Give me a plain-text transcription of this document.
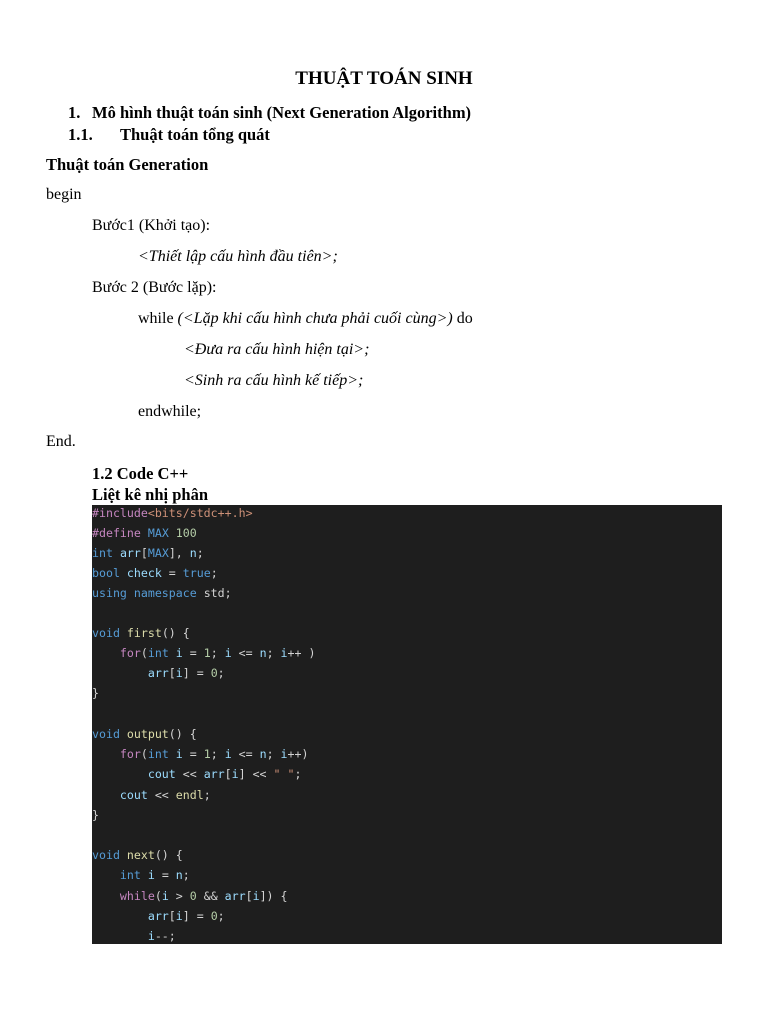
THUẬT TOÁN SINH
1. Mô hình thuật toán sinh (Next Generation Algorithm)
1.1. Thuật toán tổng quát
Thuật toán Generation
begin
Bước1 (Khởi tạo):
<Thiết lập cấu hình đầu tiên>;
Bước 2 (Bước lặp):
while (<Lặp khi cấu hình chưa phải cuối cùng>) do
<Đưa ra cấu hình hiện tại>;
<Sinh ra cấu hình kế tiếp>;
endwhile;
End.
1.2 Code C++
Liệt kê nhị phân
#include<bits/stdc++.h>
#define MAX 100
int arr[MAX], n;
bool check = true;
using namespace std;
void first() {
for(int i = 1; i <= n; i++ )
arr[i] = 0;
}
void output() {
for(int i = 1; i <= n; i++)
cout << arr[i] << " ";
cout << endl;
}
void next() {
int i = n;
while(i > 0 && arr[i]) {
arr[i] = 0;
i--;
